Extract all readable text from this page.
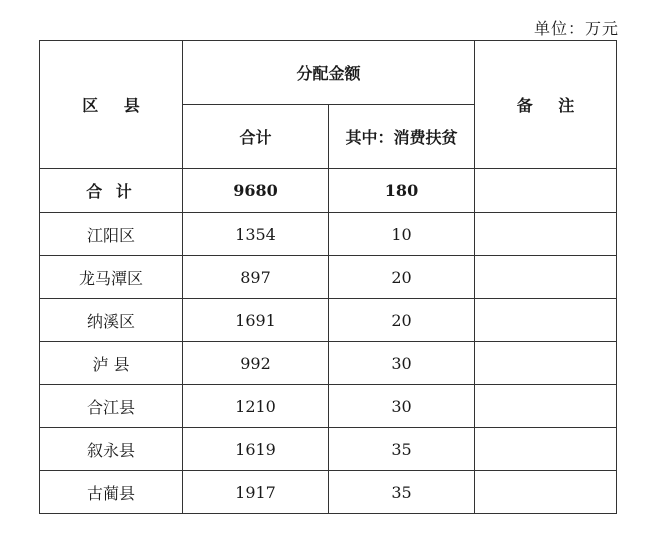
单位：万元
区 县	分配金额		备 注
	合计	其中：消费扶贫	
合 计	9680	180	
江阳区	1354	10	
龙马潭区	897	20	
纳溪区	1691	20	
泸 县	992	30	
合江县	1210	30	
叙永县	1619	35	
古蔺县	1917	35	
